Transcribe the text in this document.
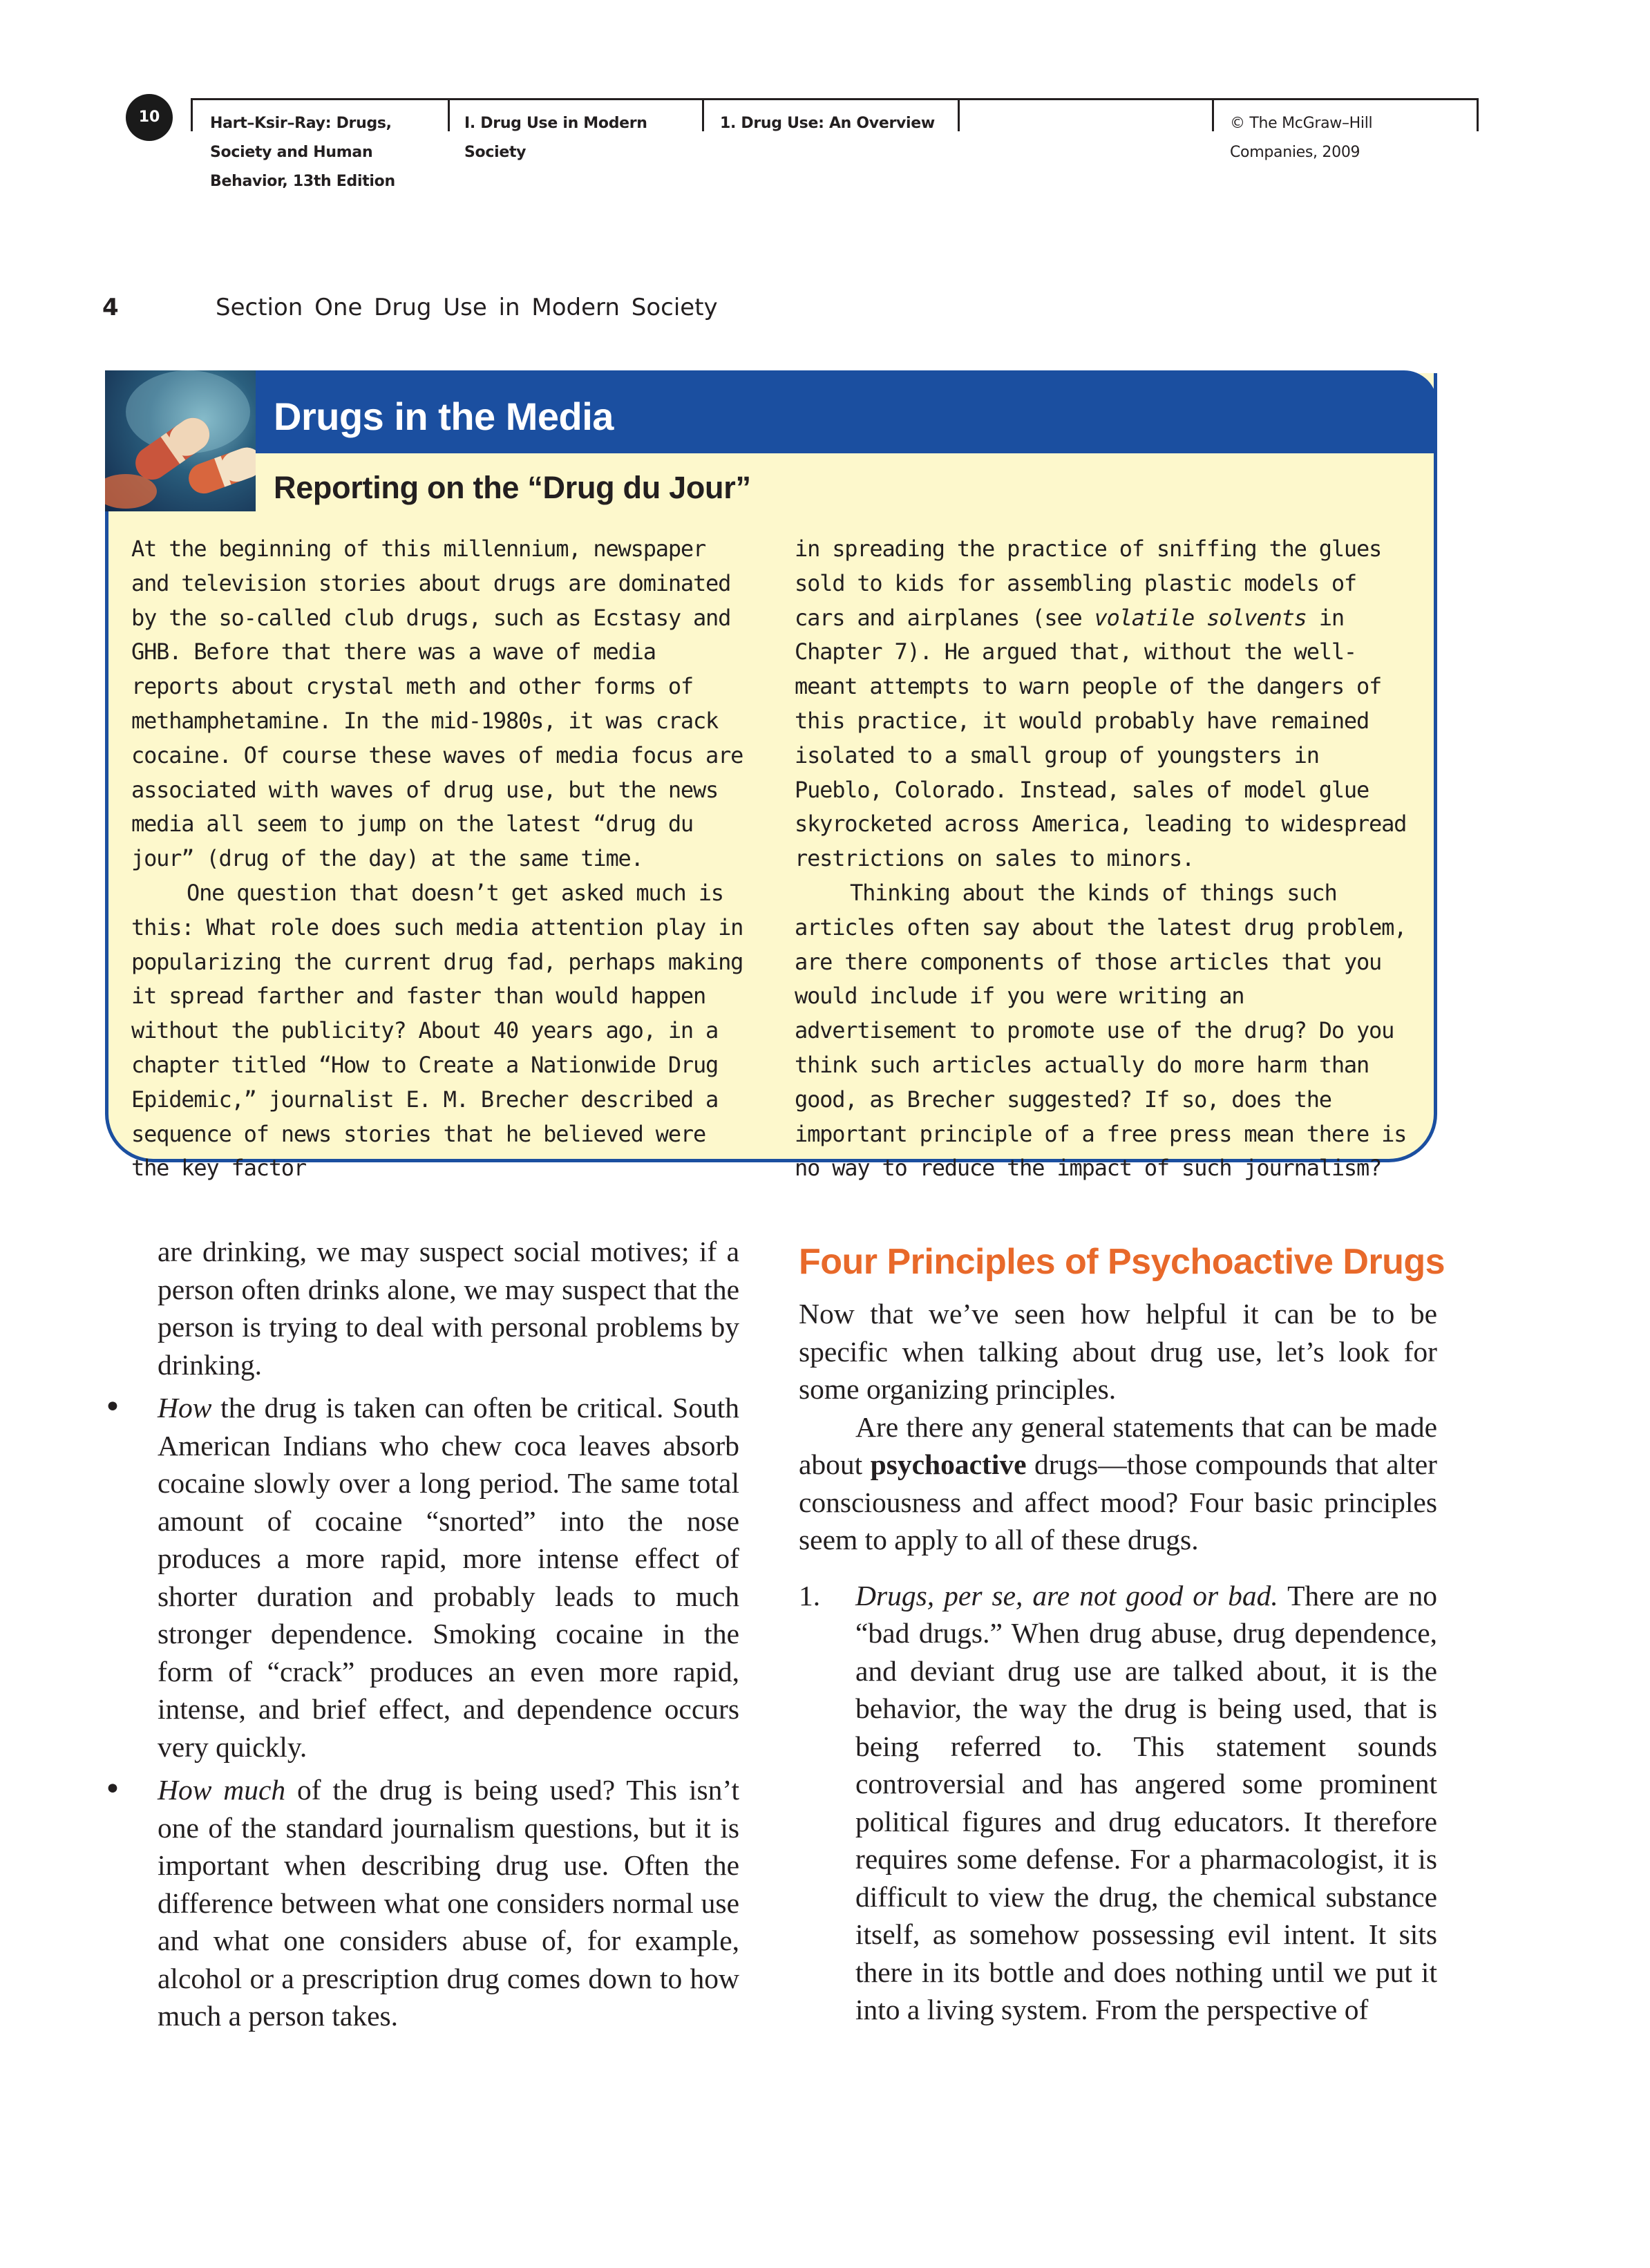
10	Hart–Ksir–Ray: Drugs,
Society and Human
Behavior, 13th Edition
I. Drug Use in Modern
Society
1. Drug Use: An Overview	© The McGraw–Hill
Companies, 2009
4	Section One Drug Use in Modern Society
Drugs in the Media
Reporting on the “Drug du Jour”

At the beginning of this millennium, newspaper and television stories about drugs are dominated by the so-called club drugs, such as Ecstasy and GHB. Before that there was a wave of media reports about crystal meth and other forms of methamphetamine. In the mid-1980s, it was crack cocaine. Of course these waves of media focus are associated with waves of drug use, but the news media all seem to jump on the latest “drug du jour” (drug of the day) at the same time.

One question that doesn’t get asked much is this: What role does such media attention play in popularizing the current drug fad, perhaps making it spread farther and faster than would happen without the publicity? About 40 years ago, in a chapter titled “How to Create a Nationwide Drug Epidemic,” journalist E. M. Brecher described a sequence of news stories that he believed were the key factor

in spreading the practice of sniffing the glues sold to kids for assembling plastic models of cars and airplanes (see volatile solvents in Chapter 7). He argued that, without the well-meant attempts to warn people of the dangers of this practice, it would probably have remained isolated to a small group of youngsters in Pueblo, Colorado. Instead, sales of model glue skyrocketed across America, leading to widespread restrictions on sales to minors.

Thinking about the kinds of things such articles often say about the latest drug problem, are there components of those articles that you would include if you were writing an advertisement to promote use of the drug? Do you think such articles actually do more harm than good, as Brecher suggested? If so, does the important principle of a free press mean there is no way to reduce the impact of such journalism?

are drinking, we may suspect social motives; if a person often drinks alone, we may suspect that the person is trying to deal with personal problems by drinking.

• How the drug is taken can often be critical. South American Indians who chew coca leaves absorb cocaine slowly over a long period. The same total amount of cocaine “snorted” into the nose produces a more rapid, more intense effect of shorter duration and probably leads to much stronger dependence. Smoking cocaine in the form of “crack” produces an even more rapid, intense, and brief effect, and dependence occurs very quickly.

• How much of the drug is being used? This isn’t one of the standard journalism questions, but it is important when describing drug use. Often the difference between what one considers normal use and what one considers abuse of, for example, alcohol or a prescription drug comes down to how much a person takes.

Four Principles of Psychoactive Drugs

Now that we’ve seen how helpful it can be to be specific when talking about drug use, let’s look for some organizing principles.

Are there any general statements that can be made about psychoactive drugs—those compounds that alter consciousness and affect mood? Four basic principles seem to apply to all of these drugs.

1. Drugs, per se, are not good or bad. There are no “bad drugs.” When drug abuse, drug dependence, and deviant drug use are talked about, it is the behavior, the way the drug is being used, that is being referred to. This statement sounds controversial and has angered some prominent political figures and drug educators. It therefore requires some defense. For a pharmacologist, it is difficult to view the drug, the chemical substance itself, as somehow possessing evil intent. It sits there in its bottle and does nothing until we put it into a living system. From the perspective of
